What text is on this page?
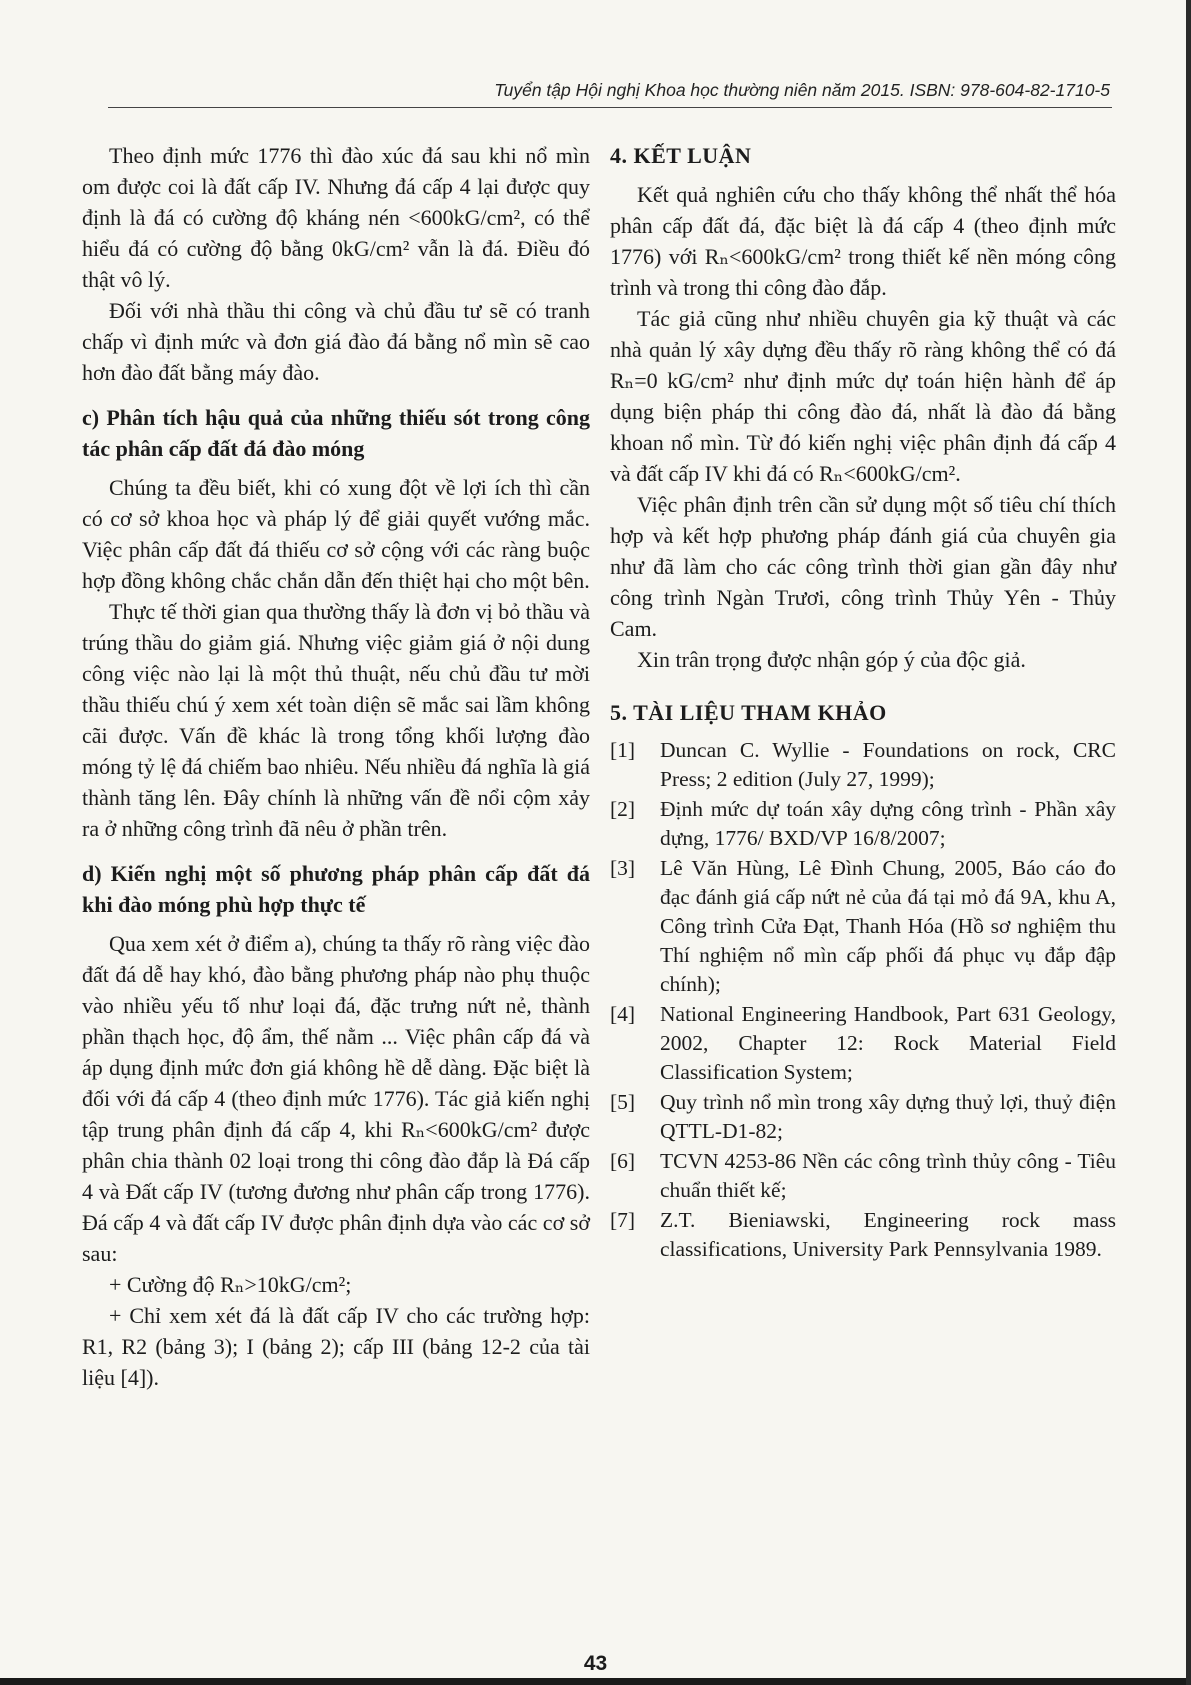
Tuyển tập Hội nghị Khoa học thường niên năm 2015. ISBN: 978-604-82-1710-5

Theo định mức 1776 thì đào xúc đá sau khi nổ mìn om được coi là đất cấp IV. Nhưng đá cấp 4 lại được quy định là đá có cường độ kháng nén <600kG/cm², có thể hiểu đá có cường độ bằng 0kG/cm² vẫn là đá. Điều đó thật vô lý.

Đối với nhà thầu thi công và chủ đầu tư sẽ có tranh chấp vì định mức và đơn giá đào đá bằng nổ mìn sẽ cao hơn đào đất bằng máy đào.

c) Phân tích hậu quả của những thiếu sót trong công tác phân cấp đất đá đào móng

Chúng ta đều biết, khi có xung đột về lợi ích thì cần có cơ sở khoa học và pháp lý để giải quyết vướng mắc. Việc phân cấp đất đá thiếu cơ sở cộng với các ràng buộc hợp đồng không chắc chắn dẫn đến thiệt hại cho một bên.

Thực tế thời gian qua thường thấy là đơn vị bỏ thầu và trúng thầu do giảm giá. Nhưng việc giảm giá ở nội dung công việc nào lại là một thủ thuật, nếu chủ đầu tư mời thầu thiếu chú ý xem xét toàn diện sẽ mắc sai lầm không cãi được. Vấn đề khác là trong tổng khối lượng đào móng tỷ lệ đá chiếm bao nhiêu. Nếu nhiều đá nghĩa là giá thành tăng lên. Đây chính là những vấn đề nổi cộm xảy ra ở những công trình đã nêu ở phần trên.

d) Kiến nghị một số phương pháp phân cấp đất đá khi đào móng phù hợp thực tế

Qua xem xét ở điểm a), chúng ta thấy rõ ràng việc đào đất đá dễ hay khó, đào bằng phương pháp nào phụ thuộc vào nhiều yếu tố như loại đá, đặc trưng nứt nẻ, thành phần thạch học, độ ẩm, thế nằm ... Việc phân cấp đá và áp dụng định mức đơn giá không hề dễ dàng. Đặc biệt là đối với đá cấp 4 (theo định mức 1776). Tác giả kiến nghị tập trung phân định đá cấp 4, khi Rₙ<600kG/cm² được phân chia thành 02 loại trong thi công đào đắp là Đá cấp 4 và Đất cấp IV (tương đương như phân cấp trong 1776). Đá cấp 4 và đất cấp IV được phân định dựa vào các cơ sở sau:

+ Cường độ Rₙ>10kG/cm²;

+ Chỉ xem xét đá là đất cấp IV cho các trường hợp: R1, R2 (bảng 3); I (bảng 2); cấp III (bảng 12-2 của tài liệu [4]).

4. KẾT LUẬN

Kết quả nghiên cứu cho thấy không thể nhất thể hóa phân cấp đất đá, đặc biệt là đá cấp 4 (theo định mức 1776) với Rₙ<600kG/cm² trong thiết kế nền móng công trình và trong thi công đào đắp.

Tác giả cũng như nhiều chuyên gia kỹ thuật và các nhà quản lý xây dựng đều thấy rõ ràng không thể có đá Rₙ=0 kG/cm² như định mức dự toán hiện hành để áp dụng biện pháp thi công đào đá, nhất là đào đá bằng khoan nổ mìn. Từ đó kiến nghị việc phân định đá cấp 4 và đất cấp IV khi đá có Rₙ<600kG/cm².

Việc phân định trên cần sử dụng một số tiêu chí thích hợp và kết hợp phương pháp đánh giá của chuyên gia như đã làm cho các công trình thời gian gần đây như công trình Ngàn Trươi, công trình Thủy Yên - Thủy Cam.

Xin trân trọng được nhận góp ý của độc giả.

5. TÀI LIỆU THAM KHẢO

[1]	Duncan C. Wyllie - Foundations on rock, CRC Press; 2 edition (July 27, 1999);
[2]	Định mức dự toán xây dựng công trình - Phần xây dựng, 1776/ BXD/VP 16/8/2007;
[3]	Lê Văn Hùng, Lê Đình Chung, 2005, Báo cáo đo đạc đánh giá cấp nứt nẻ của đá tại mỏ đá 9A, khu A, Công trình Cửa Đạt, Thanh Hóa (Hồ sơ nghiệm thu Thí nghiệm nổ mìn cấp phối đá phục vụ đắp đập chính);
[4]	National Engineering Handbook, Part 631 Geology, 2002, Chapter 12: Rock Material Field Classification System;
[5]	Quy trình nổ mìn trong xây dựng thuỷ lợi, thuỷ điện QTTL-D1-82;
[6]	TCVN 4253-86 Nền các công trình thủy công - Tiêu chuẩn thiết kế;
[7]	Z.T. Bieniawski, Engineering rock mass classifications, University Park Pennsylvania 1989.
43
